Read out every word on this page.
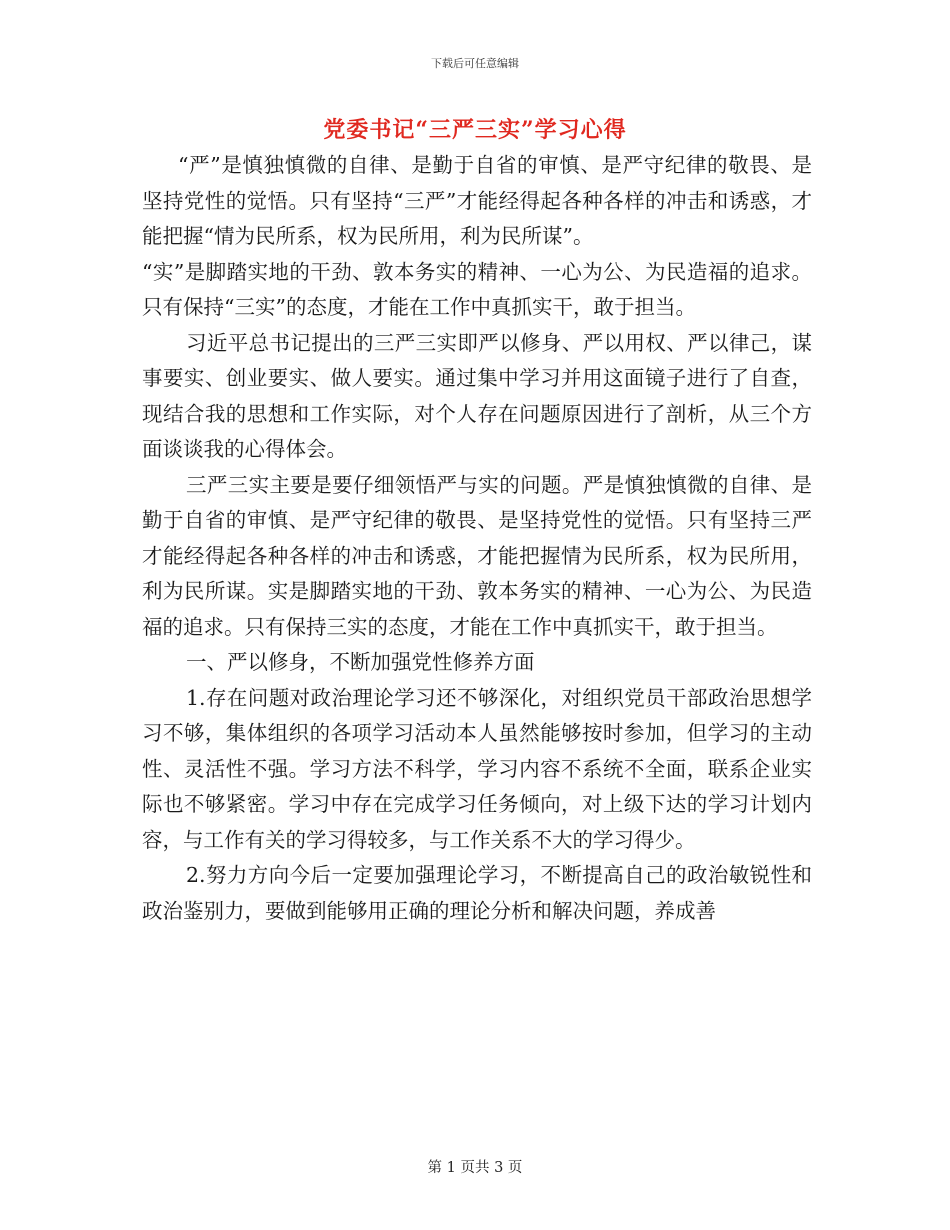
下载后可任意编辑
党委书记“三严三实”学习心得

“严”是慎独慎微的自律、是勤于自省的审慎、是严守纪律的敬畏、是坚持党性的觉悟。只有坚持“三严”才能经得起各种各样的冲击和诱惑，才能把握“情为民所系，权为民所用，利为民所谋”。

“实”是脚踏实地的干劲、敦本务实的精神、一心为公、为民造福的追求。只有保持“三实”的态度，才能在工作中真抓实干，敢于担当。

习近平总书记提出的三严三实即严以修身、严以用权、严以律己，谋事要实、创业要实、做人要实。通过集中学习并用这面镜子进行了自查，现结合我的思想和工作实际，对个人存在问题原因进行了剖析，从三个方面谈谈我的心得体会。

三严三实主要是要仔细领悟严与实的问题。严是慎独慎微的自律、是勤于自省的审慎、是严守纪律的敬畏、是坚持党性的觉悟。只有坚持三严才能经得起各种各样的冲击和诱惑，才能把握情为民所系，权为民所用，利为民所谋。实是脚踏实地的干劲、敦本务实的精神、一心为公、为民造福的追求。只有保持三实的态度，才能在工作中真抓实干，敢于担当。

一、严以修身，不断加强党性修养方面

1.存在问题对政治理论学习还不够深化，对组织党员干部政治思想学习不够，集体组织的各项学习活动本人虽然能够按时参加，但学习的主动性、灵活性不强。学习方法不科学，学习内容不系统不全面，联系企业实际也不够紧密。学习中存在完成学习任务倾向，对上级下达的学习计划内容，与工作有关的学习得较多，与工作关系不大的学习得少。

2.努力方向今后一定要加强理论学习，不断提高自己的政治敏锐性和政治鉴别力，要做到能够用正确的理论分析和解决问题，养成善

第 1 页共 3 页
